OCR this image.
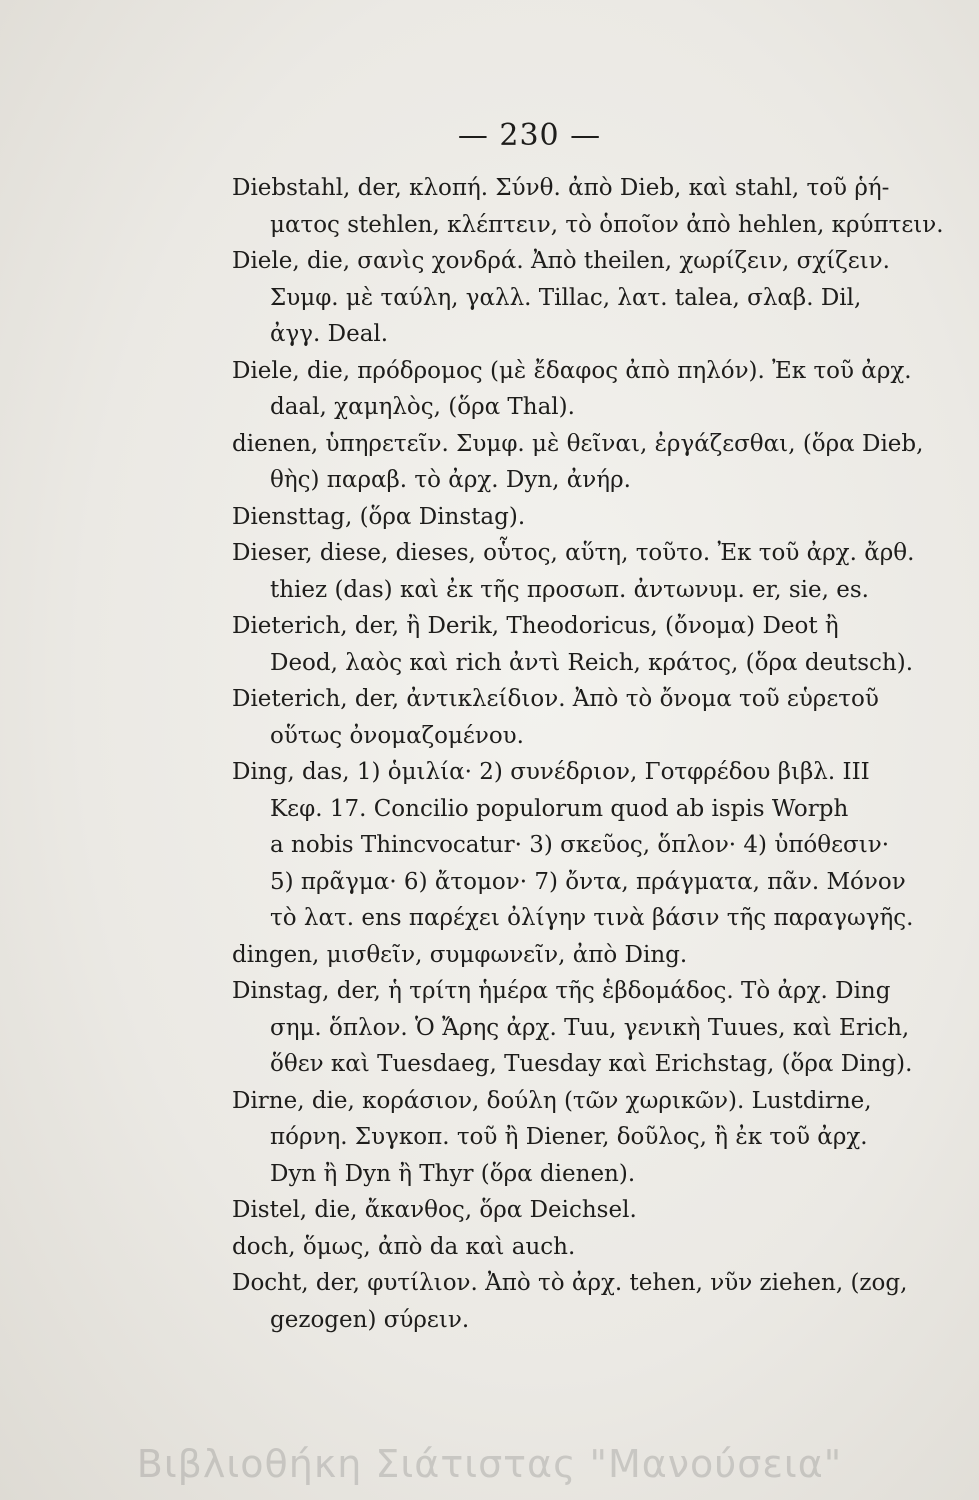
— 230 —

Diebstahl, der, κλοπή. Σύνθ. ἀπὸ Dieb, καὶ stahl, τοῦ ῥή-
ματος stehlen, κλέπτειν, τὸ ὁποῖον ἀπὸ hehlen, κρύπτειν.

Diele, die, σανὶς χονδρά. Ἀπὸ theilen, χωρίζειν, σχίζειν.
Συμφ. μὲ ταύλη, γαλλ. Tillac, λατ. talea, σλαβ. Dil,
ἀγγ. Deal.

Diele, die, πρόδρομος (μὲ ἔδαφος ἀπὸ πηλόν). Ἐκ τοῦ ἀρχ.
daal, χαμηλὸς, (ὅρα Thal).

dienen, ὑπηρετεῖν. Συμφ. μὲ θεῖναι, ἐργάζεσθαι, (ὅρα Dieb,
θὴς) παραβ. τὸ ἀρχ. Dyn, ἀνήρ.

Diensttag, (ὅρα Dinstag).

Dieser, diese, dieses, οὗτος, αὕτη, τοῦτο. Ἐκ τοῦ ἀρχ. ἄρθ.
thiez (das) καὶ ἐκ τῆς προσωπ. ἀντωνυμ. er, sie, es.

Dieterich, der, ἢ Derik, Theodoricus, (ὄνομα) Deot ἢ
Deod, λαὸς καὶ rich ἀντὶ Reich, κράτος, (ὅρα deutsch).

Dieterich, der, ἀντικλείδιον. Ἀπὸ τὸ ὄνομα τοῦ εὑρετοῦ
οὕτως ὀνομαζομένου.

Ding, das, 1) ὁμιλία· 2) συνέδριον, Γοτφρέδου βιβλ. III
Κεφ. 17. Concilio populorum quod ab ispis Worph
a nobis Thincvocatur· 3) σκεῦος, ὅπλον· 4) ὑπόθεσιν·
5) πρᾶγμα· 6) ἄτομον· 7) ὄντα, πράγματα, πᾶν. Μόνον
τὸ λατ. ens παρέχει ὀλίγην τινὰ βάσιν τῆς παραγωγῆς.

dingen, μισθεῖν, συμφωνεῖν, ἀπὸ Ding.

Dinstag, der, ἡ τρίτη ἡμέρα τῆς ἑβδομάδος. Τὸ ἀρχ. Ding
σημ. ὅπλον. Ὁ Ἄρης ἀρχ. Tuu, γενικὴ Tuues, καὶ Erich,
ὅθεν καὶ Tuesdaeg, Tuesday καὶ Erichstag, (ὅρα Ding).

Dirne, die, κοράσιον, δούλη (τῶν χωρικῶν). Lustdirne,
πόρνη. Συγκοπ. τοῦ ἢ Diener, δοῦλος, ἢ ἐκ τοῦ ἀρχ.
Dyn ἢ Dyn ἢ Thyr (ὅρα dienen).

Distel, die, ἄκανθος, ὅρα Deichsel.

doch, ὅμως, ἀπὸ da καὶ auch.

Docht, der, φυτίλιον. Ἀπὸ τὸ ἀρχ. tehen, νῦν ziehen, (zog,
gezogen) σύρειν.

Βιβλιοθήκη Σιάτιστας "Μανούσεια"
